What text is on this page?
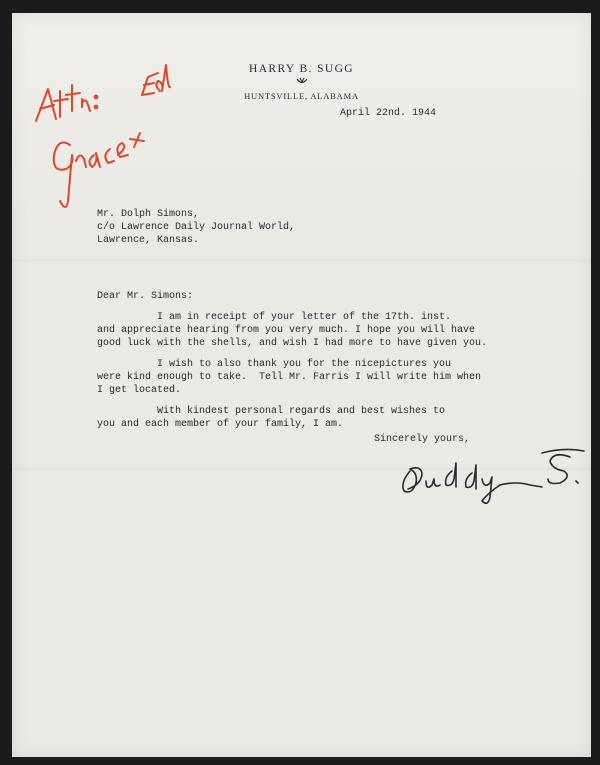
HARRY B. SUGG
HUNTSVILLE, ALABAMA
April 22nd. 1944
Mr. Dolph Simons,
c/o Lawrence Daily Journal World,
Lawrence, Kansas.
Dear Mr. Simons:
I am in receipt of your letter of the 17th. inst.
and appreciate hearing from you very much. I hope you will have
good luck with the shells, and wish I had more to have given you.
I wish to also thank you for the nicepictures you
were kind enough to take.  Tell Mr. Farris I will write him when
I get located.
With kindest personal regards and best wishes to
you and each member of your family, I am.
Sincerely yours,
